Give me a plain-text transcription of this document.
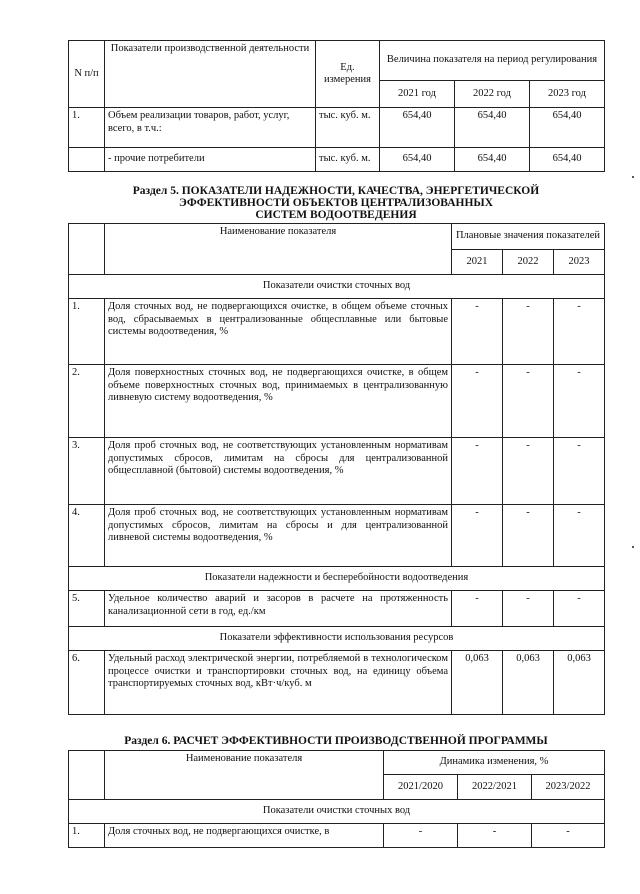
N п/п	Показатели производственной деятельности	Ед. измерения	Величина показателя на период регулирования		
			2021 год	2022 год	2023 год
1.	Объем реализации товаров, работ, услуг, всего, в т.ч.:	тыс. куб. м.	654,40	654,40	654,40
	- прочие потребители	тыс. куб. м.	654,40	654,40	654,40
Раздел 5. ПОКАЗАТЕЛИ НАДЕЖНОСТИ, КАЧЕСТВА, ЭНЕРГЕТИЧЕСКОЙ
ЭФФЕКТИВНОСТИ ОБЪЕКТОВ ЦЕНТРАЛИЗОВАННЫХ
СИСТЕМ ВОДООТВЕДЕНИЯ
	Наименование показателя	Плановые значения показателей		
		2021	2022	2023
Показатели очистки сточных вод				
1.	Доля сточных вод, не подвергающихся очистке, в общем объеме сточных вод, сбрасываемых в централизованные общесплавные или бытовые системы водоотведения, %	-	-	-
2.	Доля поверхностных сточных вод, не подвергающихся очистке, в общем объеме поверхностных сточных вод, принимаемых в централизованную ливневую систему водоотведения, %	-	-	-
3.	Доля проб сточных вод, не соответствующих установленным нормативам допустимых сбросов, лимитам на сбросы для централизованной общесплавной (бытовой) системы водоотведения, %	-	-	-
4.	Доля проб сточных вод, не соответствующих установленным нормативам допустимых сбросов, лимитам на сбросы и для централизованной ливневой системы водоотведения, %	-	-	-
Показатели надежности и бесперебойности водоотведения				
5.	Удельное количество аварий и засоров в расчете на протяженность канализационной сети в год, ед./км	-	-	-
Показатели эффективности использования ресурсов				
6.	Удельный расход электрической энергии, потребляемой в технологическом процессе очистки и транспортировки сточных вод, на единицу объема транспортируемых сточных вод, кВт·ч/куб. м	0,063	0,063	0,063
Раздел 6. РАСЧЕТ ЭФФЕКТИВНОСТИ ПРОИЗВОДСТВЕННОЙ ПРОГРАММЫ
	Наименование показателя	Динамика изменения, %		
		2021/2020	2022/2021	2023/2022
Показатели очистки сточных вод				
1.	Доля сточных вод, не подвергающихся очистке, в	-	-	-
